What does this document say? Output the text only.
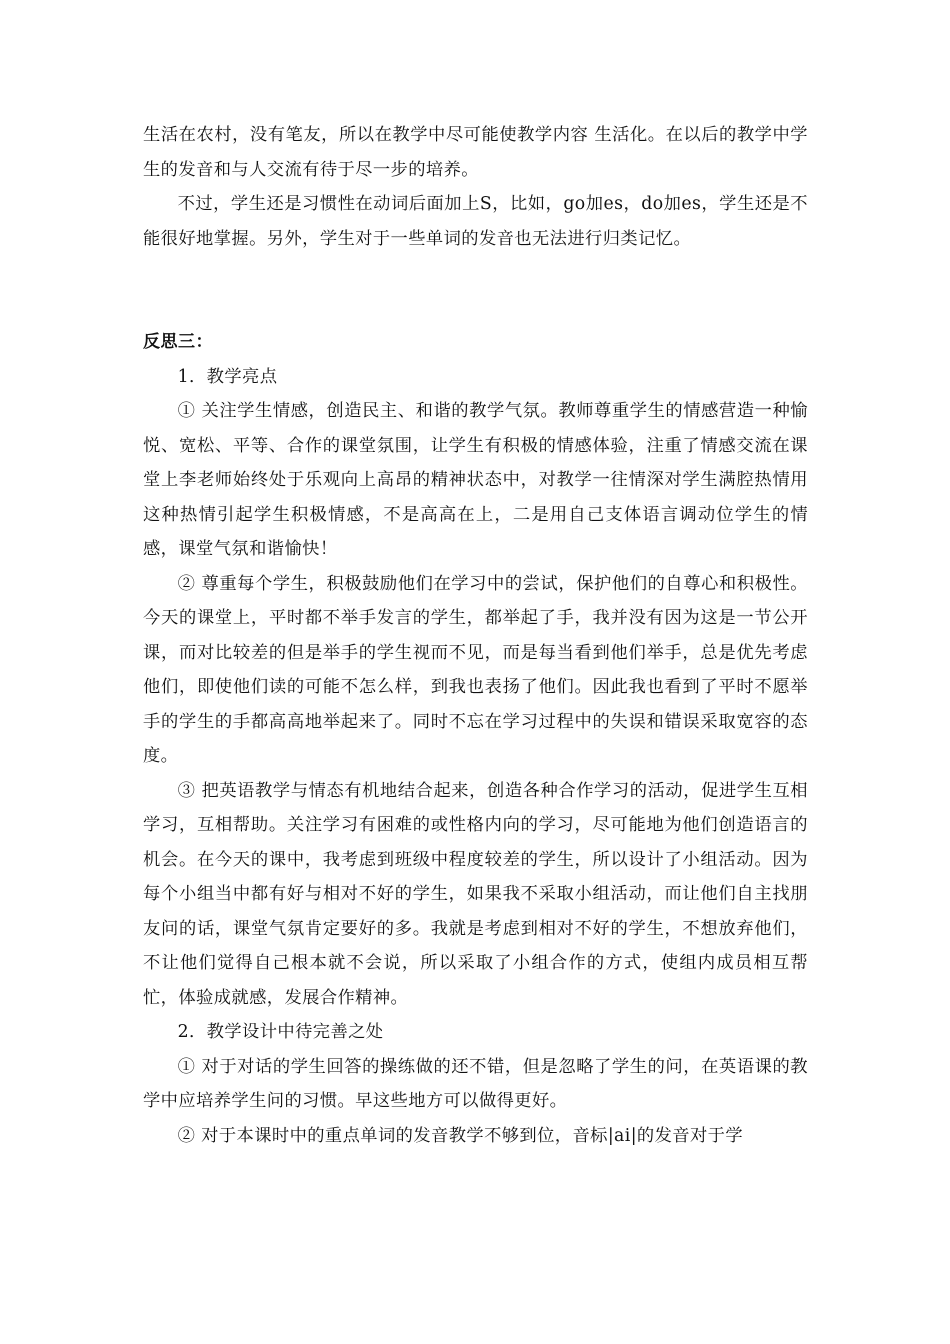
生活在农村，没有笔友，所以在教学中尽可能使教学内容 生活化。在以后的教学中学生的发音和与人交流有待于尽一步的培养。

不过，学生还是习惯性在动词后面加上S，比如，go加es，do加es，学生还是不能很好地掌握。另外，学生对于一些单词的发音也无法进行归类记忆。

反思三：

1．教学亮点

① 关注学生情感，创造民主、和谐的教学气氛。教师尊重学生的情感营造一种愉悦、宽松、平等、合作的课堂氛围，让学生有积极的情感体验，注重了情感交流在课堂上李老师始终处于乐观向上高昂的精神状态中，对教学一往情深对学生满腔热情用这种热情引起学生积极情感，不是高高在上，二是用自己支体语言调动位学生的情感，课堂气氛和谐愉快！

② 尊重每个学生，积极鼓励他们在学习中的尝试，保护他们的自尊心和积极性。今天的课堂上，平时都不举手发言的学生，都举起了手，我并没有因为这是一节公开课，而对比较差的但是举手的学生视而不见，而是每当看到他们举手，总是优先考虑他们，即使他们读的可能不怎么样，到我也表扬了他们。因此我也看到了平时不愿举手的学生的手都高高地举起来了。同时不忘在学习过程中的失误和错误采取宽容的态度。

③ 把英语教学与情态有机地结合起来，创造各种合作学习的活动，促进学生互相学习，互相帮助。关注学习有困难的或性格内向的学习，尽可能地为他们创造语言的机会。在今天的课中，我考虑到班级中程度较差的学生，所以设计了小组活动。因为每个小组当中都有好与相对不好的学生，如果我不采取小组活动，而让他们自主找朋友问的话，课堂气氛肯定要好的多。我就是考虑到相对不好的学生，不想放弃他们，不让他们觉得自己根本就不会说，所以采取了小组合作的方式，使组内成员相互帮忙，体验成就感，发展合作精神。

2．教学设计中待完善之处

① 对于对话的学生回答的操练做的还不错，但是忽略了学生的问，在英语课的教学中应培养学生问的习惯。早这些地方可以做得更好。

② 对于本课时中的重点单词的发音教学不够到位，音标|ai|的发音对于学
